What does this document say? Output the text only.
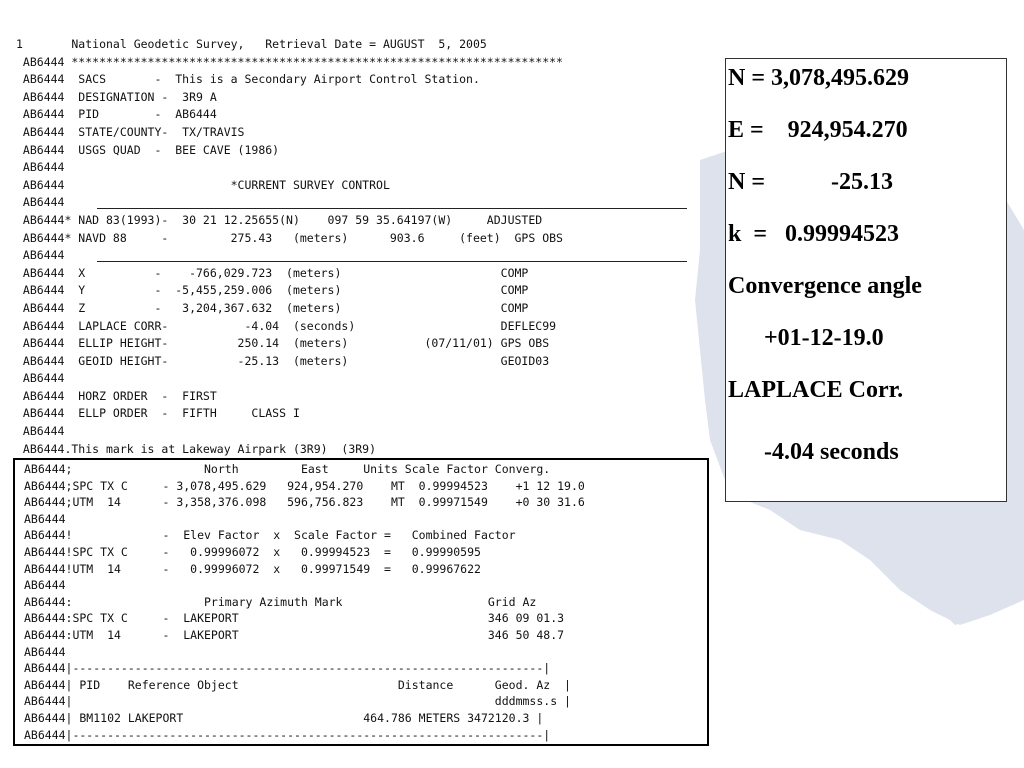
1       National Geodetic Survey,   Retrieval Date = AUGUST  5, 2005
AB6444 ***********************************************************************
AB6444  SACS       -  This is a Secondary Airport Control Station.
AB6444  DESIGNATION -  3R9 A
AB6444  PID        -  AB6444
AB6444  STATE/COUNTY-  TX/TRAVIS
AB6444  USGS QUAD  -  BEE CAVE (1986)
AB6444
AB6444                        *CURRENT SURVEY CONTROL
AB6444
AB6444* NAD 83(1993)-  30 21 12.25655(N)    097 59 35.64197(W)     ADJUSTED
AB6444* NAVD 88     -         275.43   (meters)      903.6     (feet)  GPS OBS
AB6444
AB6444  X          -    -766,029.723  (meters)                       COMP
AB6444  Y          -  -5,455,259.006  (meters)                       COMP
AB6444  Z          -   3,204,367.632  (meters)                       COMP
AB6444  LAPLACE CORR-           -4.04  (seconds)                     DEFLEC99
AB6444  ELLIP HEIGHT-          250.14  (meters)           (07/11/01) GPS OBS
AB6444  GEOID HEIGHT-          -25.13  (meters)                      GEOID03
AB6444
AB6444  HORZ ORDER  -  FIRST
AB6444  ELLP ORDER  -  FIFTH     CLASS I
AB6444
AB6444.This mark is at Lakeway Airpark (3R9)  (3R9)
AB6444;                   North         East     Units Scale Factor Converg.
AB6444;SPC TX C     - 3,078,495.629   924,954.270    MT  0.99994523    +1 12 19.0
AB6444;UTM  14      - 3,358,376.098   596,756.823    MT  0.99971549    +0 30 31.6
AB6444
AB6444!             -  Elev Factor  x  Scale Factor =   Combined Factor
AB6444!SPC TX C     -   0.99996072  x   0.99994523  =   0.99990595
AB6444!UTM  14      -   0.99996072  x   0.99971549  =   0.99967622
AB6444
AB6444:                   Primary Azimuth Mark                     Grid Az
AB6444:SPC TX C     -  LAKEPORT                                    346 09 01.3
AB6444:UTM  14      -  LAKEPORT                                    346 50 48.7
AB6444
AB6444|--------------------------------------------------------------------|
AB6444| PID    Reference Object                       Distance      Geod. Az  |
AB6444|                                                             dddmmss.s |
AB6444| BM1102 LAKEPORT                          464.786 METERS 3472120.3 |
AB6444|--------------------------------------------------------------------|
N = 3,078,495.629
E =    924,954.270
N =           -25.13
k  =   0.99994523
Convergence angle
+01-12-19.0
LAPLACE Corr.
-4.04 seconds
